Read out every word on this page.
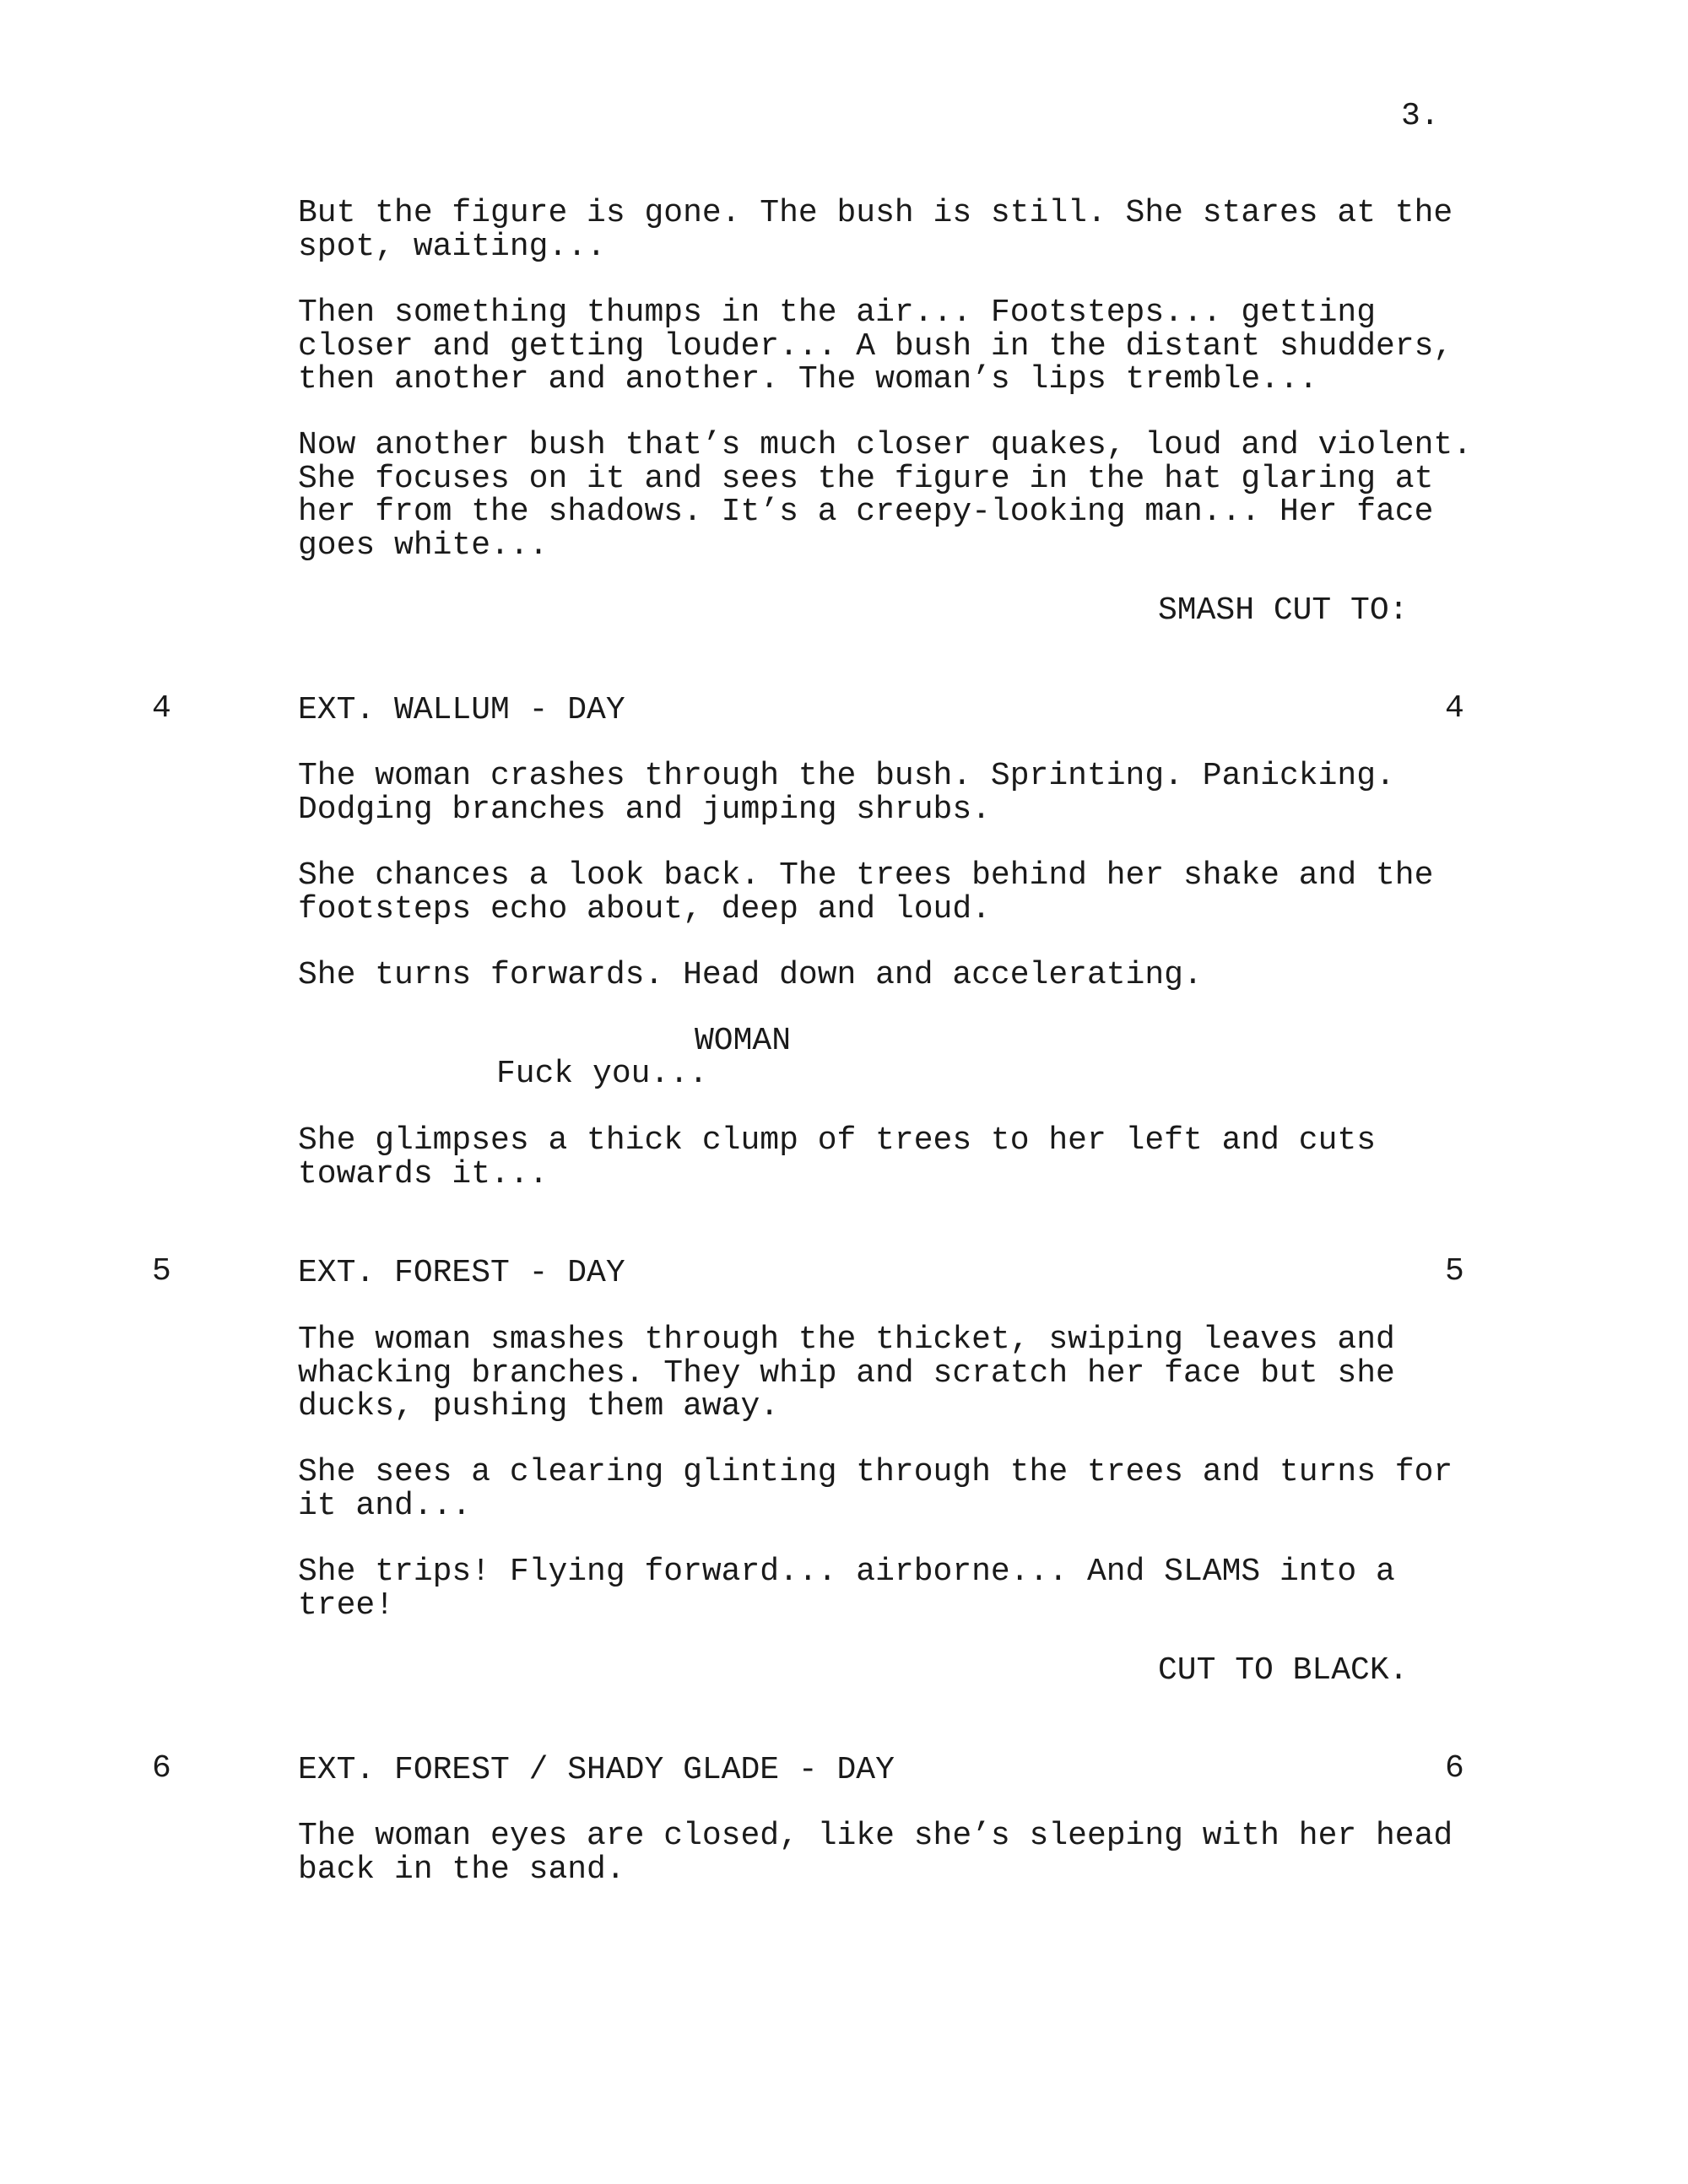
3.
But the figure is gone. The bush is still. She stares at the
spot, waiting...
Then something thumps in the air... Footsteps... getting
closer and getting louder... A bush in the distant shudders,
then another and another. The woman’s lips tremble...
Now another bush that’s much closer quakes, loud and violent.
She focuses on it and sees the figure in the hat glaring at
her from the shadows. It’s a creepy-looking man... Her face
goes white...
SMASH CUT TO:
4	EXT. WALLUM - DAY	4
The woman crashes through the bush. Sprinting. Panicking.
Dodging branches and jumping shrubs.
She chances a look back. The trees behind her shake and the
footsteps echo about, deep and loud.
She turns forwards. Head down and accelerating.
WOMAN
Fuck you...
She glimpses a thick clump of trees to her left and cuts
towards it...
5	EXT. FOREST - DAY	5
The woman smashes through the thicket, swiping leaves and
whacking branches. They whip and scratch her face but she
ducks, pushing them away.
She sees a clearing glinting through the trees and turns for
it and...
She trips! Flying forward... airborne... And SLAMS into a
tree!
CUT TO BLACK.
6	EXT. FOREST / SHADY GLADE - DAY	6
The woman eyes are closed, like she’s sleeping with her head
back in the sand.
